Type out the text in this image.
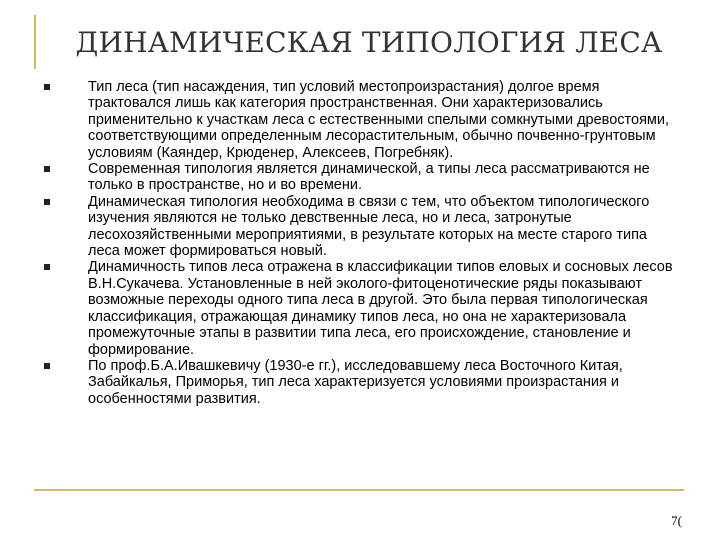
ДИНАМИЧЕСКАЯ ТИПОЛОГИЯ ЛЕСА
Тип леса (тип насаждения, тип условий местопроизрастания) долгое время трактовался лишь как категория пространственная. Они характеризовались применительно к участкам леса с естественными спелыми сомкнутыми древостоями, соответствующими определенным лесорастительным, обычно почвенно-грунтовым условиям (Каяндер, Крюденер, Алексеев, Погребняк).
Современная типология является динамической, а типы леса рассматриваются не только в пространстве, но и во времени.
Динамическая типология необходима в связи с тем, что объектом типологического изучения являются не только девственные леса, но и леса, затронутые лесохозяйственными мероприятиями, в результате которых на месте старого типа леса может формироваться новый.
Динамичность типов леса отражена в классификации типов еловых и сосновых лесов В.Н.Сукачева. Установленные в ней эколого-фитоценотические ряды показывают возможные переходы одного типа леса в другой. Это была первая типологическая классификация, отражающая динамику типов леса, но она не характеризовала промежуточные этапы в развитии типа леса, его происхождение, становление и формирование.
По проф.Б.А.Ивашкевичу (1930-е гг.), исследовавшему леса Восточного Китая, Забайкалья, Приморья, тип леса характеризуется условиями произрастания и особенностями развития.
7(
